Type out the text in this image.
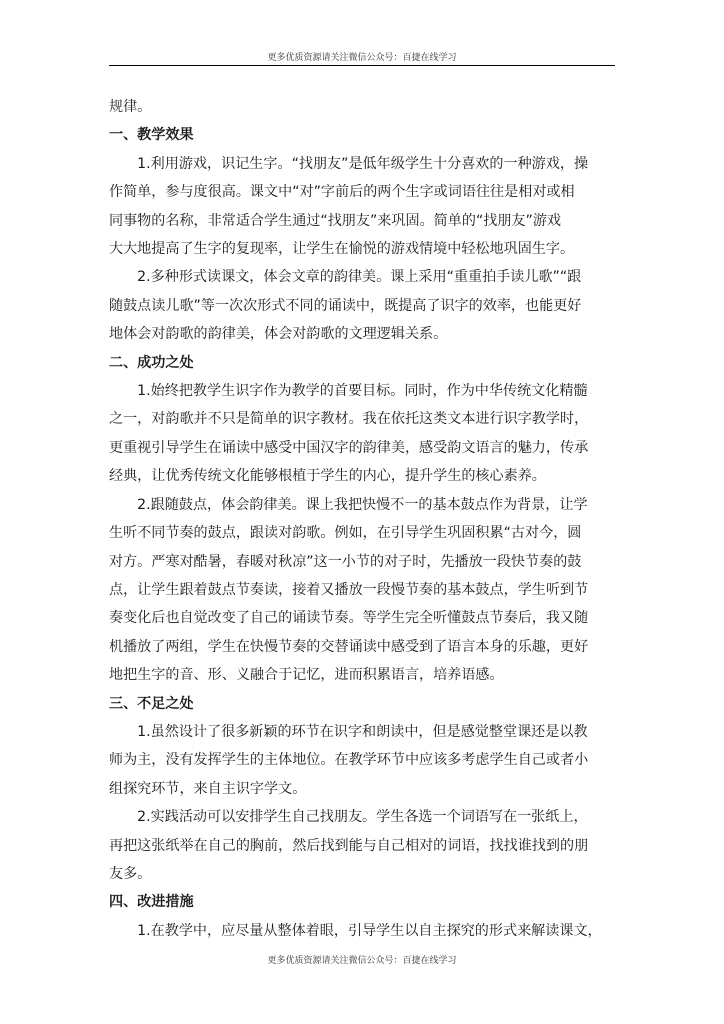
更多优质资源请关注微信公众号：百捷在线学习

规律。

一、教学效果

　　1.利用游戏，识记生字。“找朋友”是低年级学生十分喜欢的一种游戏，操

作简单，参与度很高。课文中“对”字前后的两个生字或词语往往是相对或相

同事物的名称，非常适合学生通过“找朋友”来巩固。简单的“找朋友”游戏

大大地提高了生字的复现率，让学生在愉悦的游戏情境中轻松地巩固生字。

　　2.多种形式读课文，体会文章的韵律美。课上采用“重重拍手读儿歌”“跟

随鼓点读儿歌”等一次次形式不同的诵读中，既提高了识字的效率，也能更好

地体会对韵歌的韵律美，体会对韵歌的文理逻辑关系。

二、成功之处

　　1.始终把教学生识字作为教学的首要目标。同时，作为中华传统文化精髓

之一，对韵歌并不只是简单的识字教材。我在依托这类文本进行识字教学时，

更重视引导学生在诵读中感受中国汉字的韵律美，感受韵文语言的魅力，传承

经典，让优秀传统文化能够根植于学生的内心，提升学生的核心素养。

　　2.跟随鼓点，体会韵律美。课上我把快慢不一的基本鼓点作为背景，让学

生听不同节奏的鼓点，跟读对韵歌。例如，在引导学生巩固积累“古对今，圆

对方。严寒对酷暑，春暖对秋凉”这一小节的对子时，先播放一段快节奏的鼓

点，让学生跟着鼓点节奏读，接着又播放一段慢节奏的基本鼓点，学生听到节

奏变化后也自觉改变了自己的诵读节奏。等学生完全听懂鼓点节奏后，我又随

机播放了两组，学生在快慢节奏的交替诵读中感受到了语言本身的乐趣，更好

地把生字的音、形、义融合于记忆，进而积累语言，培养语感。

三、不足之处

　　1.虽然设计了很多新颖的环节在识字和朗读中，但是感觉整堂课还是以教

师为主，没有发挥学生的主体地位。在教学环节中应该多考虑学生自己或者小

组探究环节，来自主识字学文。

　　2.实践活动可以安排学生自己找朋友。学生各选一个词语写在一张纸上，

再把这张纸举在自己的胸前，然后找到能与自己相对的词语，找找谁找到的朋

友多。

四、改进措施

　　1.在教学中，应尽量从整体着眼，引导学生以自主探究的形式来解读课文，

更多优质资源请关注微信公众号：百捷在线学习
